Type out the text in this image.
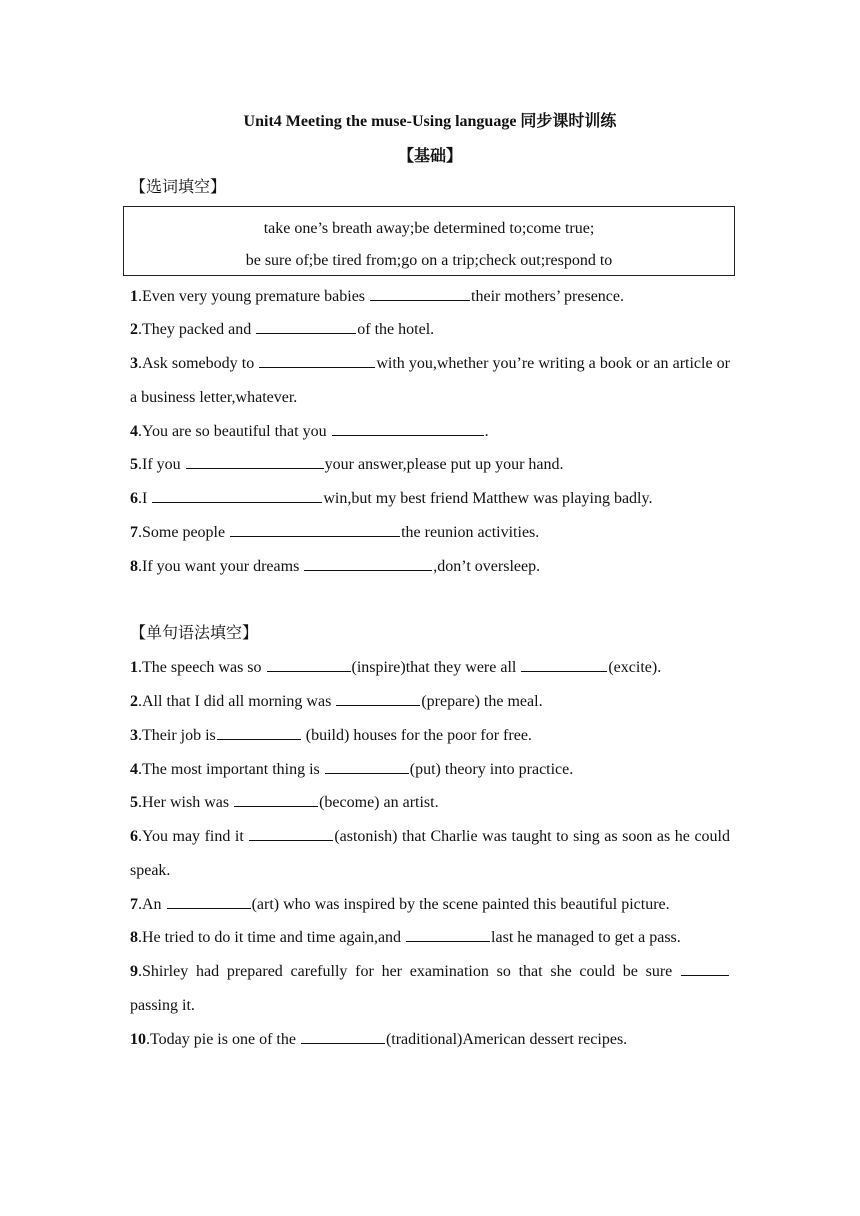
Unit4 Meeting the muse-Using language 同步课时训练
【基础】
【选词填空】
take one’s breath away;be determined to;come true;
be sure of;be tired from;go on a trip;check out;respond to
1.Even very young premature babies	their mothers’ presence.
2.They packed and	of the hotel.
3.Ask somebody to	with you,whether you’re writing a book or an article or a business letter,whatever.
4.You are so beautiful that you	.
5.If you	your answer,please put up your hand.
6.I	win,but my best friend Matthew was playing badly.
7.Some people	the reunion activities.
8.If you want your dreams	,don’t oversleep.
【单句语法填空】
1.The speech was so	(inspire)that they were all	(excite).
2.All that I did all morning was	(prepare) the meal.
3.Their job is	(build) houses for the poor for free.
4.The most important thing is	(put) theory into practice.
5.Her wish was	(become) an artist.
6.You may find it	(astonish) that Charlie was taught to sing as soon as he could speak.
7.An	(art) who was inspired by the scene painted this beautiful picture.
8.He tried to do it time and time again,and	last he managed to get a pass.
9.Shirley had prepared carefully for her examination so that she could be sure  passing it.
10.Today pie is one of the	(traditional)American dessert recipes.
